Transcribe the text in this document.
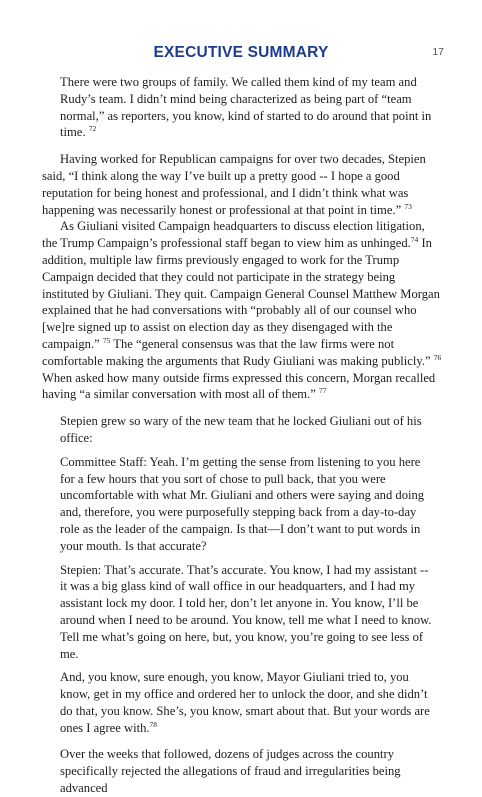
EXECUTIVE SUMMARY	17

There were two groups of family. We called them kind of my team and Rudy’s team. I didn’t mind being characterized as being part of “team normal,” as reporters, you know, kind of started to do around that point in time. $^{72}$

Having worked for Republican campaigns for over two decades, Stepien said, “I think along the way I’ve built up a pretty good -- I hope a good reputation for being honest and professional, and I didn’t think what was happening was necessarily honest or professional at that point in time.” $^{73}$

As Giuliani visited Campaign headquarters to discuss election litigation, the Trump Campaign’s professional staff began to view him as unhinged.$^{74}$ In addition, multiple law firms previously engaged to work for the Trump Campaign decided that they could not participate in the strategy being instituted by Giuliani. They quit. Campaign General Counsel Matthew Morgan explained that he had conversations with “probably all of our counsel who [we]re signed up to assist on election day as they disengaged with the campaign.” $^{75}$ The “general consensus was that the law firms were not comfortable making the arguments that Rudy Giuliani was making publicly.” $^{76}$ When asked how many outside firms expressed this concern, Morgan recalled having “a similar conversation with most all of them.” $^{77}$

Stepien grew so wary of the new team that he locked Giuliani out of his office:

Committee Staff: Yeah. I’m getting the sense from listening to you here for a few hours that you sort of chose to pull back, that you were uncomfortable with what Mr. Giuliani and others were saying and doing and, therefore, you were purposefully stepping back from a day-to-day role as the leader of the campaign. Is that—I don’t want to put words in your mouth. Is that accurate?

Stepien: That’s accurate. That’s accurate. You know, I had my assistant -- it was a big glass kind of wall office in our headquarters, and I had my assistant lock my door. I told her, don’t let anyone in. You know, I’ll be around when I need to be around. You know, tell me what I need to know. Tell me what’s going on here, but, you know, you’re going to see less of me.

And, you know, sure enough, you know, Mayor Giuliani tried to, you know, get in my office and ordered her to unlock the door, and she didn’t do that, you know. She’s, you know, smart about that. But your words are ones I agree with.$^{78}$

Over the weeks that followed, dozens of judges across the country specifically rejected the allegations of fraud and irregularities being advanced
